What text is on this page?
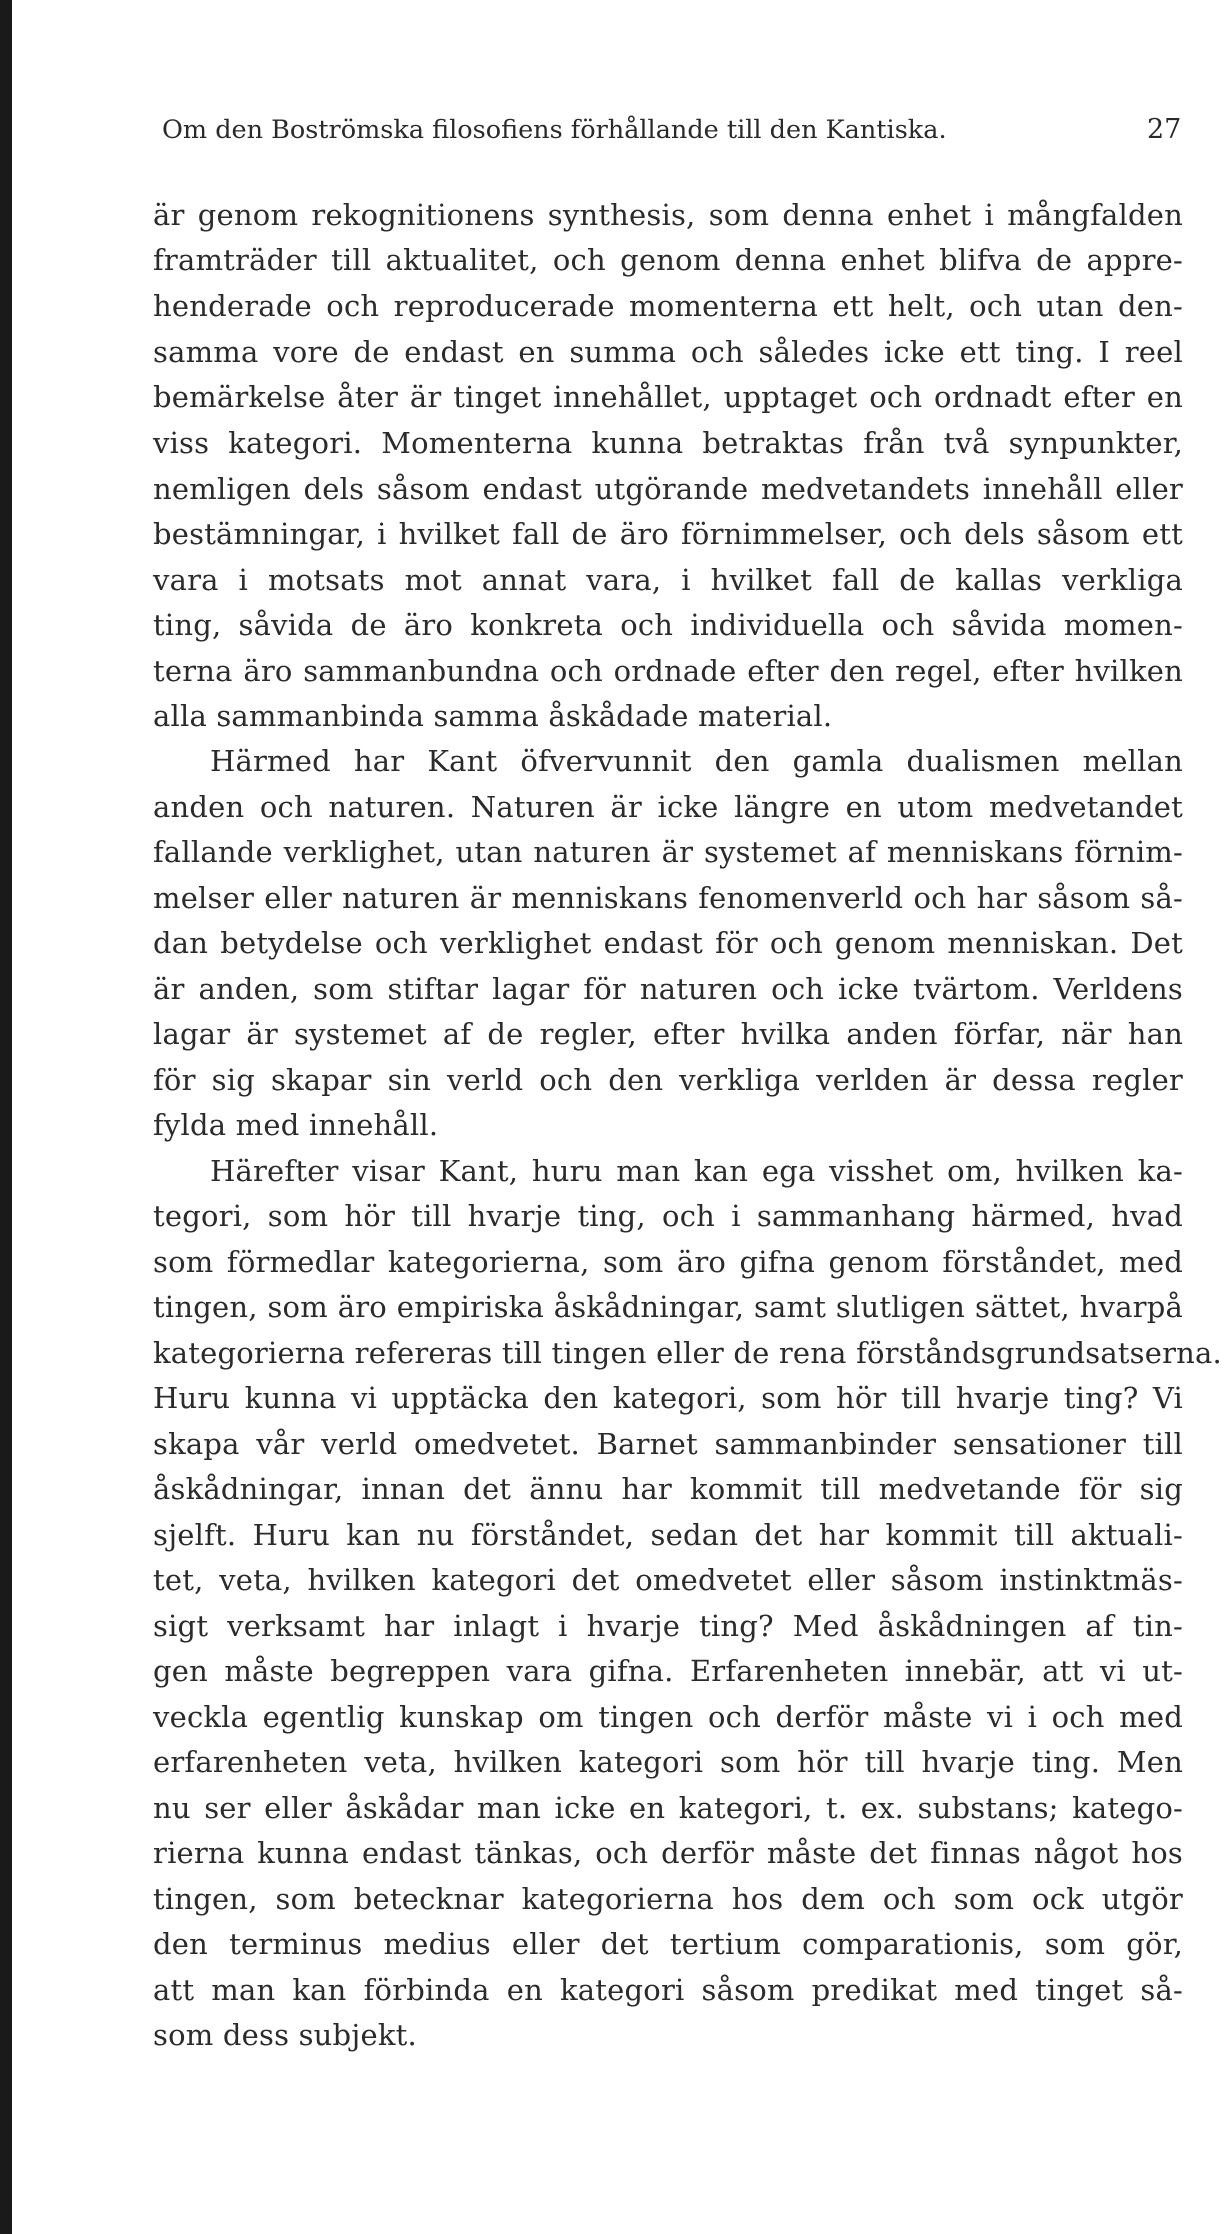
Om den Boströmska filosofiens förhållande till den Kantiska.	27
är genom rekognitionens synthesis, som denna enhet i mångfalden
framträder till aktualitet, och genom denna enhet blifva de appre-
henderade och reproducerade momenterna ett helt, och utan den-
samma vore de endast en summa och således icke ett ting. I reel
bemärkelse åter är tinget innehållet, upptaget och ordnadt efter en
viss kategori. Momenterna kunna betraktas från två synpunkter,
nemligen dels såsom endast utgörande medvetandets innehåll eller
bestämningar, i hvilket fall de äro förnimmelser, och dels såsom ett
vara i motsats mot annat vara, i hvilket fall de kallas verkliga
ting, såvida de äro konkreta och individuella och såvida momen-
terna äro sammanbundna och ordnade efter den regel, efter hvilken
alla sammanbinda samma åskådade material.
Härmed har Kant öfvervunnit den gamla dualismen mellan
anden och naturen. Naturen är icke längre en utom medvetandet
fallande verklighet, utan naturen är systemet af menniskans förnim-
melser eller naturen är menniskans fenomenverld och har såsom så-
dan betydelse och verklighet endast för och genom menniskan. Det
är anden, som stiftar lagar för naturen och icke tvärtom. Verldens
lagar är systemet af de regler, efter hvilka anden förfar, när han
för sig skapar sin verld och den verkliga verlden är dessa regler
fylda med innehåll.
Härefter visar Kant, huru man kan ega visshet om, hvilken ka-
tegori, som hör till hvarje ting, och i sammanhang härmed, hvad
som förmedlar kategorierna, som äro gifna genom förståndet, med
tingen, som äro empiriska åskådningar, samt slutligen sättet, hvarpå
kategorierna refereras till tingen eller de rena förståndsgrundsatserna.
Huru kunna vi upptäcka den kategori, som hör till hvarje ting? Vi
skapa vår verld omedvetet. Barnet sammanbinder sensationer till
åskådningar, innan det ännu har kommit till medvetande för sig
sjelft. Huru kan nu förståndet, sedan det har kommit till aktuali-
tet, veta, hvilken kategori det omedvetet eller såsom instinktmäs-
sigt verksamt har inlagt i hvarje ting? Med åskådningen af tin-
gen måste begreppen vara gifna. Erfarenheten innebär, att vi ut-
veckla egentlig kunskap om tingen och derför måste vi i och med
erfarenheten veta, hvilken kategori som hör till hvarje ting. Men
nu ser eller åskådar man icke en kategori, t. ex. substans; katego-
rierna kunna endast tänkas, och derför måste det finnas något hos
tingen, som betecknar kategorierna hos dem och som ock utgör
den terminus medius eller det tertium comparationis, som gör,
att man kan förbinda en kategori såsom predikat med tinget så-
som dess subjekt.
